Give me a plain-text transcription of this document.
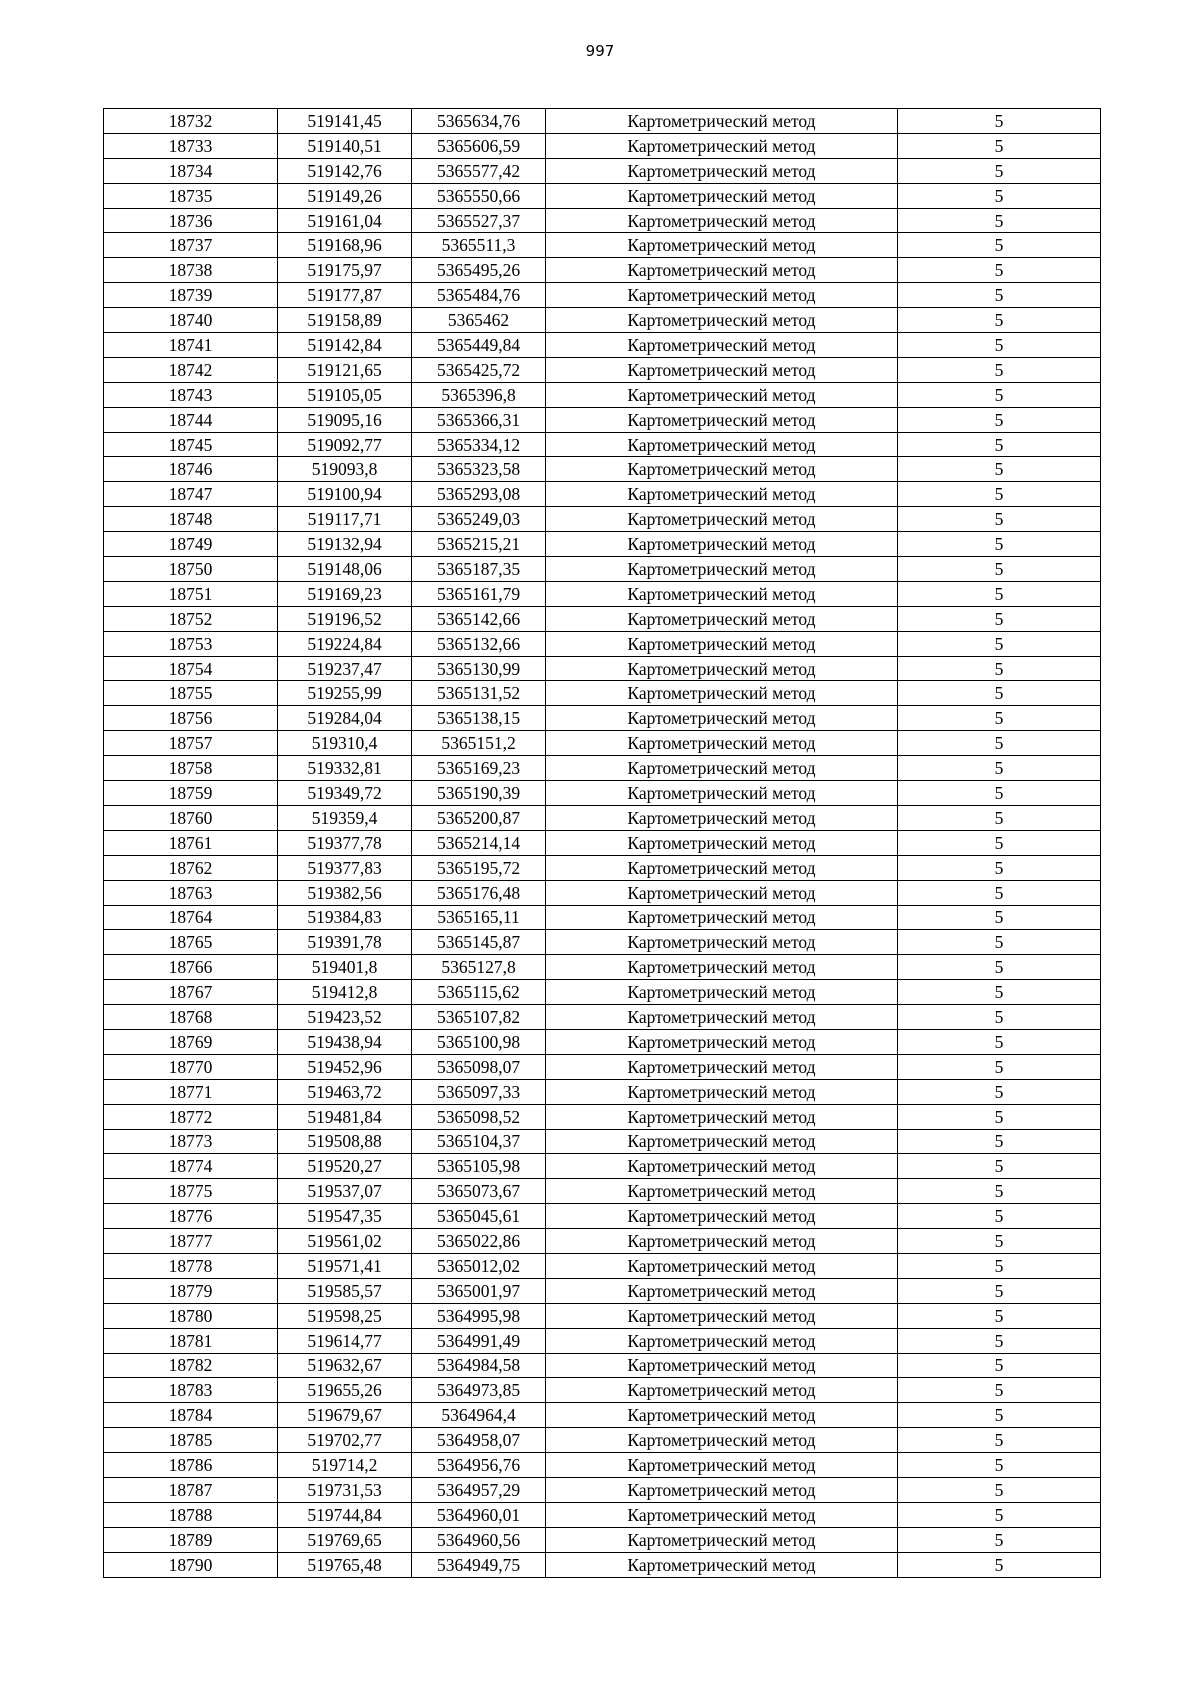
997
18732	519141,45	5365634,76	Картометрический метод	5
18733	519140,51	5365606,59	Картометрический метод	5
18734	519142,76	5365577,42	Картометрический метод	5
18735	519149,26	5365550,66	Картометрический метод	5
18736	519161,04	5365527,37	Картометрический метод	5
18737	519168,96	5365511,3	Картометрический метод	5
18738	519175,97	5365495,26	Картометрический метод	5
18739	519177,87	5365484,76	Картометрический метод	5
18740	519158,89	5365462	Картометрический метод	5
18741	519142,84	5365449,84	Картометрический метод	5
18742	519121,65	5365425,72	Картометрический метод	5
18743	519105,05	5365396,8	Картометрический метод	5
18744	519095,16	5365366,31	Картометрический метод	5
18745	519092,77	5365334,12	Картометрический метод	5
18746	519093,8	5365323,58	Картометрический метод	5
18747	519100,94	5365293,08	Картометрический метод	5
18748	519117,71	5365249,03	Картометрический метод	5
18749	519132,94	5365215,21	Картометрический метод	5
18750	519148,06	5365187,35	Картометрический метод	5
18751	519169,23	5365161,79	Картометрический метод	5
18752	519196,52	5365142,66	Картометрический метод	5
18753	519224,84	5365132,66	Картометрический метод	5
18754	519237,47	5365130,99	Картометрический метод	5
18755	519255,99	5365131,52	Картометрический метод	5
18756	519284,04	5365138,15	Картометрический метод	5
18757	519310,4	5365151,2	Картометрический метод	5
18758	519332,81	5365169,23	Картометрический метод	5
18759	519349,72	5365190,39	Картометрический метод	5
18760	519359,4	5365200,87	Картометрический метод	5
18761	519377,78	5365214,14	Картометрический метод	5
18762	519377,83	5365195,72	Картометрический метод	5
18763	519382,56	5365176,48	Картометрический метод	5
18764	519384,83	5365165,11	Картометрический метод	5
18765	519391,78	5365145,87	Картометрический метод	5
18766	519401,8	5365127,8	Картометрический метод	5
18767	519412,8	5365115,62	Картометрический метод	5
18768	519423,52	5365107,82	Картометрический метод	5
18769	519438,94	5365100,98	Картометрический метод	5
18770	519452,96	5365098,07	Картометрический метод	5
18771	519463,72	5365097,33	Картометрический метод	5
18772	519481,84	5365098,52	Картометрический метод	5
18773	519508,88	5365104,37	Картометрический метод	5
18774	519520,27	5365105,98	Картометрический метод	5
18775	519537,07	5365073,67	Картометрический метод	5
18776	519547,35	5365045,61	Картометрический метод	5
18777	519561,02	5365022,86	Картометрический метод	5
18778	519571,41	5365012,02	Картометрический метод	5
18779	519585,57	5365001,97	Картометрический метод	5
18780	519598,25	5364995,98	Картометрический метод	5
18781	519614,77	5364991,49	Картометрический метод	5
18782	519632,67	5364984,58	Картометрический метод	5
18783	519655,26	5364973,85	Картометрический метод	5
18784	519679,67	5364964,4	Картометрический метод	5
18785	519702,77	5364958,07	Картометрический метод	5
18786	519714,2	5364956,76	Картометрический метод	5
18787	519731,53	5364957,29	Картометрический метод	5
18788	519744,84	5364960,01	Картометрический метод	5
18789	519769,65	5364960,56	Картометрический метод	5
18790	519765,48	5364949,75	Картометрический метод	5
